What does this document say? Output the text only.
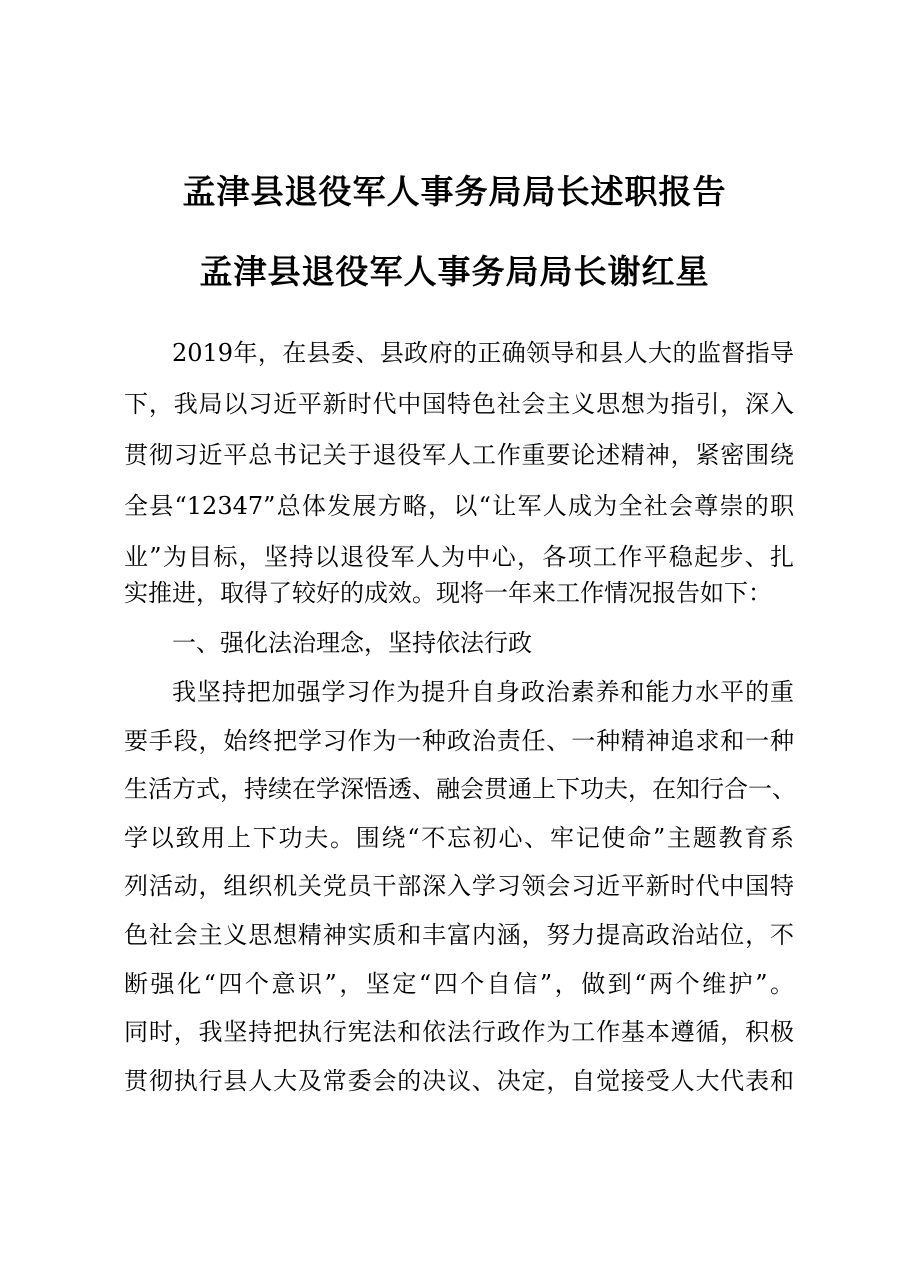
孟津县退役军人事务局局长述职报告
孟津县退役军人事务局局长谢红星
2019年，在县委、县政府的正确领导和县人大的监督指导
下，我局以习近平新时代中国特色社会主义思想为指引，深入
贯彻习近平总书记关于退役军人工作重要论述精神，紧密围绕
全县“12347”总体发展方略，以“让军人成为全社会尊崇的职
业”为目标，坚持以退役军人为中心，各项工作平稳起步、扎
实推进，取得了较好的成效。现将一年来工作情况报告如下：
一、强化法治理念，坚持依法行政
我坚持把加强学习作为提升自身政治素养和能力水平的重
要手段，始终把学习作为一种政治责任、一种精神追求和一种
生活方式，持续在学深悟透、融会贯通上下功夫，在知行合一、
学以致用上下功夫。围绕“不忘初心、牢记使命”主题教育系
列活动，组织机关党员干部深入学习领会习近平新时代中国特
色社会主义思想精神实质和丰富内涵，努力提高政治站位，不
断强化“四个意识”，坚定“四个自信”，做到“两个维护”。
同时，我坚持把执行宪法和依法行政作为工作基本遵循，积极
贯彻执行县人大及常委会的决议、决定，自觉接受人大代表和
